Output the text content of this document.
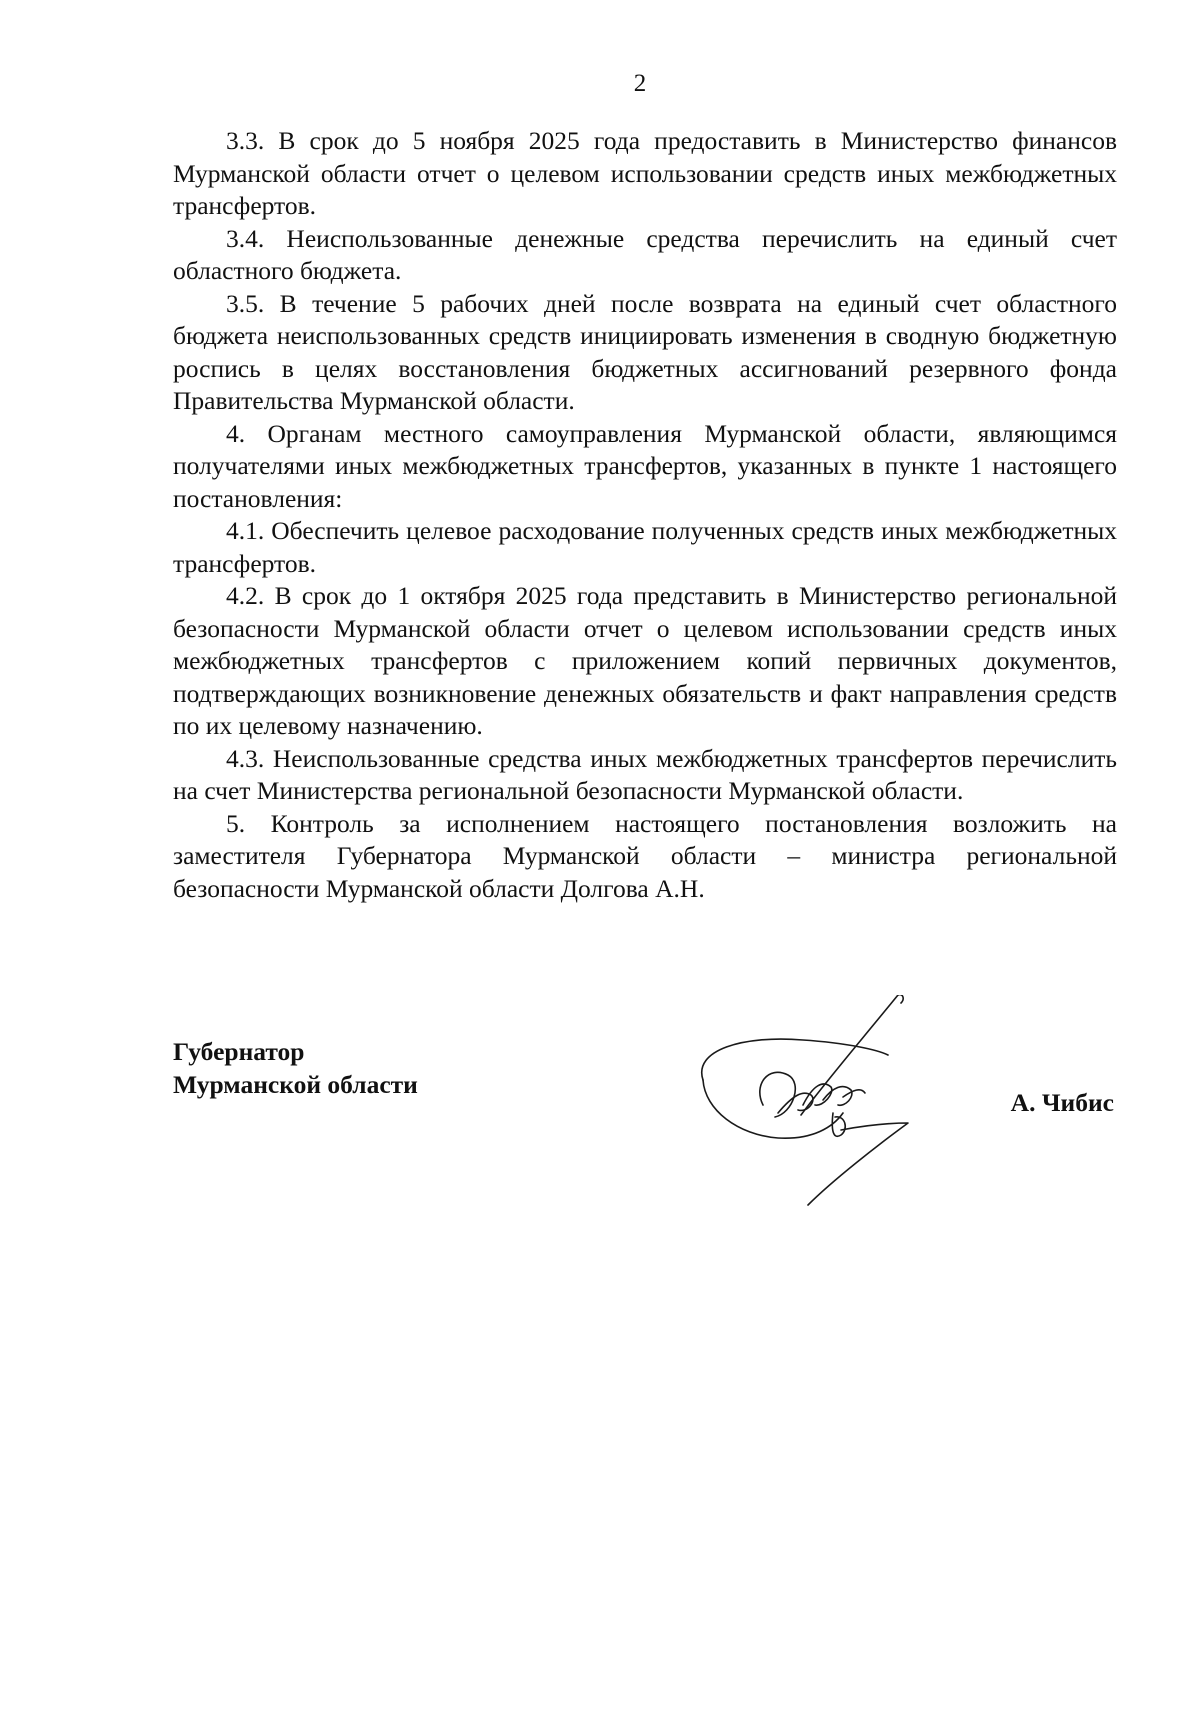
2

3.3. В срок до 5 ноября 2025 года предоставить в Министерство финансов Мурманской области отчет о целевом использовании средств иных межбюджетных трансфертов.

3.4. Неиспользованные денежные средства перечислить на единый счет областного бюджета.

3.5. В течение 5 рабочих дней после возврата на единый счет областного бюджета неиспользованных средств инициировать изменения в сводную бюджетную роспись в целях восстановления бюджетных ассигнований резервного фонда Правительства Мурманской области.

4. Органам местного самоуправления Мурманской области, являющимся получателями иных межбюджетных трансфертов, указанных в пункте 1 настоящего постановления:

4.1. Обеспечить целевое расходование полученных средств иных межбюджетных трансфертов.

4.2. В срок до 1 октября 2025 года представить в Министерство региональной безопасности Мурманской области отчет о целевом использовании средств иных межбюджетных трансфертов с приложением копий первичных документов, подтверждающих возникновение денежных обязательств и факт направления средств по их целевому назначению.

4.3. Неиспользованные средства иных межбюджетных трансфертов перечислить на счет Министерства региональной безопасности Мурманской области.

5. Контроль за исполнением настоящего постановления возложить на заместителя Губернатора Мурманской области – министра региональной безопасности Мурманской области Долгова А.Н.

Губернатор
Мурманской области
А. Чибис
